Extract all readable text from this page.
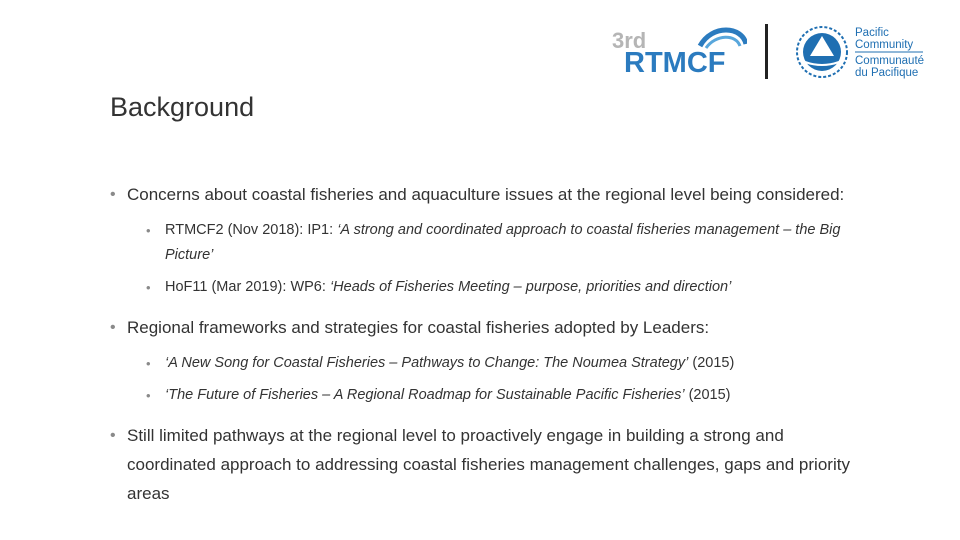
3rd
RTMCF
Pacific
Community
Communauté
du Pacifique
Background
• Concerns about coastal fisheries and aquaculture issues at the regional level being considered:
• RTMCF2 (Nov 2018): IP1: ‘A strong and coordinated approach to coastal fisheries management – the Big Picture’
• HoF11 (Mar 2019): WP6: ‘Heads of Fisheries Meeting – purpose, priorities and direction’
• Regional frameworks and strategies for coastal fisheries adopted by Leaders:
• ‘A New Song for Coastal Fisheries – Pathways to Change: The Noumea Strategy’ (2015)
• ‘The Future of Fisheries – A Regional Roadmap for Sustainable Pacific Fisheries’ (2015)
• Still limited pathways at the regional level to proactively engage in building a strong and coordinated approach to addressing coastal fisheries management challenges, gaps and priority areas
